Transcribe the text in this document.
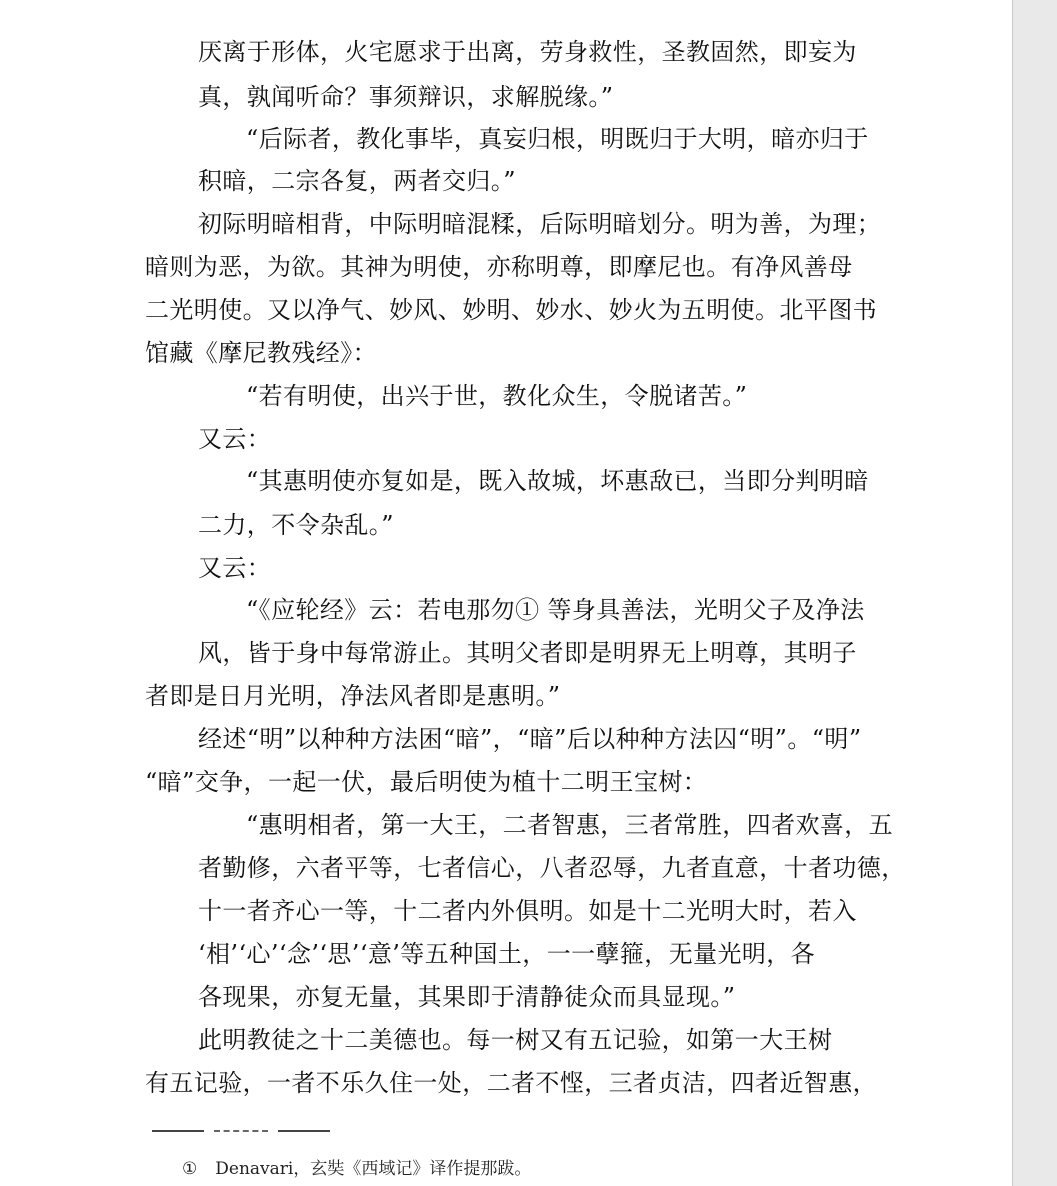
厌离于形体，火宅愿求于出离，劳身救性，圣教固然，即妄为

真，孰闻听命？事须辩识，求解脱缘。”

“后际者，教化事毕，真妄归根，明既归于大明，暗亦归于

积暗，二宗各复，两者交归。”

初际明暗相背，中际明暗混糅，后际明暗划分。明为善，为理；

暗则为恶，为欲。其神为明使，亦称明尊，即摩尼也。有净风善母

二光明使。又以净气、妙风、妙明、妙水、妙火为五明使。北平图书

馆藏《摩尼教残经》：

“若有明使，出兴于世，教化众生，令脱诸苦。”

又云：

“其惠明使亦复如是，既入故城，坏惠敌已，当即分判明暗

二力，不令杂乱。”

又云：

“《应轮经》云：若电那勿① 等身具善法，光明父子及净法

风，皆于身中每常游止。其明父者即是明界无上明尊，其明子

者即是日月光明，净法风者即是惠明。”

经述“明”以种种方法困“暗”，“暗”后以种种方法囚“明”。“明”

“暗”交争，一起一伏，最后明使为植十二明王宝树：

“惠明相者，第一大王，二者智惠，三者常胜，四者欢喜，五

者勤修，六者平等，七者信心，八者忍辱，九者直意，十者功德，

十一者齐心一等，十二者内外俱明。如是十二光明大时，若入

‘相’‘心’‘念’‘思’‘意’等五种国土，一一孽箍，无量光明，各

各现果，亦复无量，其果即于清静徒众而具显现。”

此明教徒之十二美德也。每一树又有五记验，如第一大王树

有五记验，一者不乐久住一处，二者不悭，三者贞洁，四者近智惠，

① Denavari，玄奘《西域记》译作提那跋。
